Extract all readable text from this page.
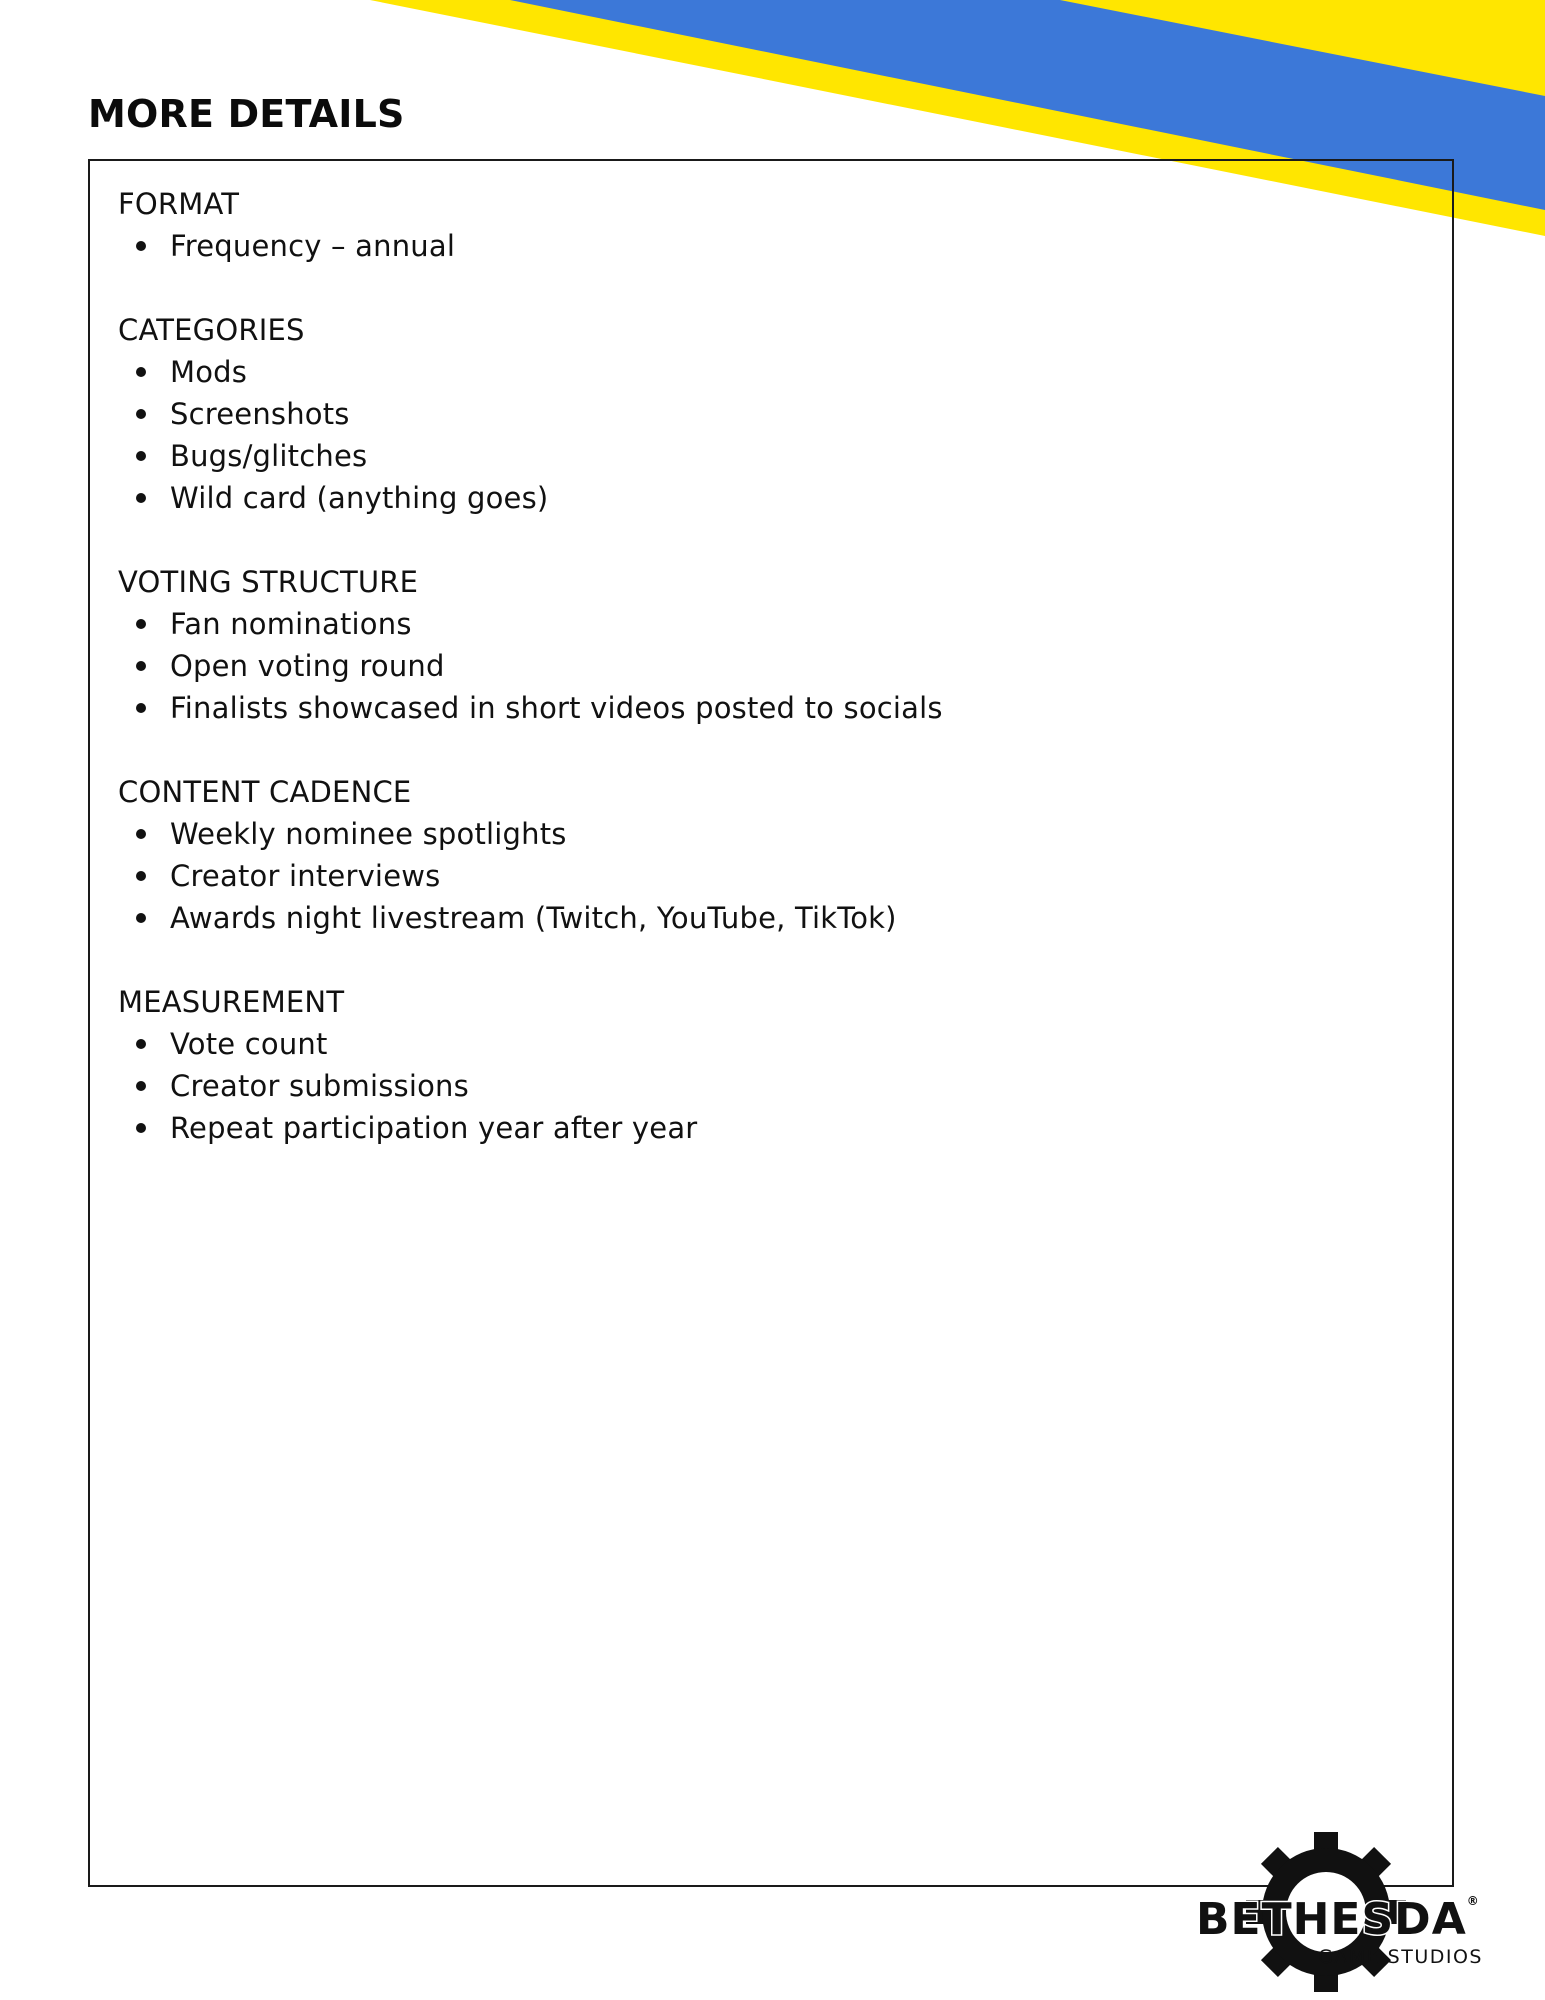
MORE DETAILS
FORMAT
Frequency – annual
CATEGORIES
Mods
Screenshots
Bugs/glitches
Wild card (anything goes)
VOTING STRUCTURE
Fan nominations
Open voting round
Finalists showcased in short videos posted to socials
CONTENT CADENCE
Weekly nominee spotlights
Creator interviews
Awards night livestream (Twitch, YouTube, TikTok)
MEASUREMENT
Vote count
Creator submissions
Repeat participation year after year
BETHESDA®
GAME STUDIOS
